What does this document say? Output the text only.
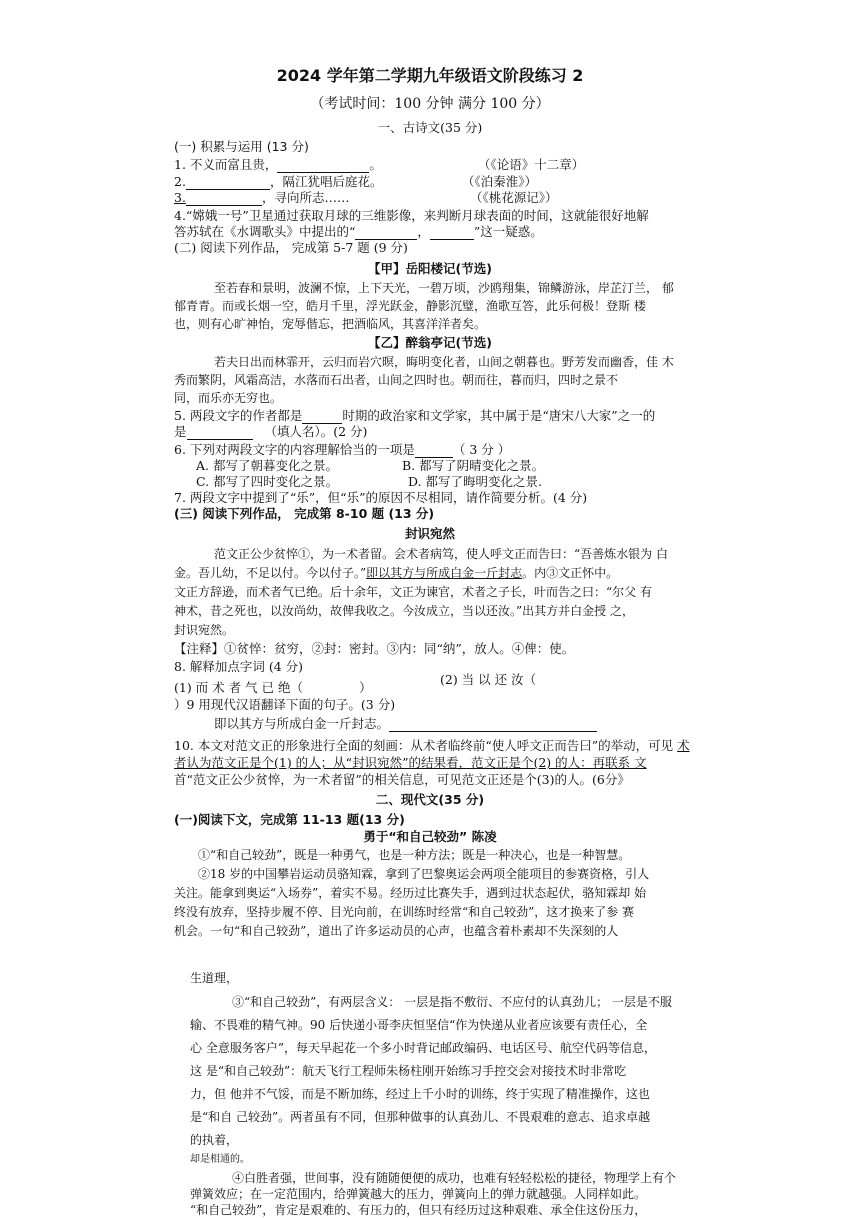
2024 学年第二学期九年级语文阶段练习 2
（考试时间：100 分钟 满分 100 分）
一、古诗文(35 分)
(一) 积累与运用 (13 分)
1. 不义而富且贵，	。	（《论语》十二章）
2.	，隔江犹唱后庭花。	（《泊秦淮》）
3.	，寻向所志……	（《桃花源记》）
4.“嫦娥一号”卫星通过获取月球的三维影像，来判断月球表面的时间，这就能很好地解
答苏轼在《水调歌头》中提出的“	，	”这一疑惑。
(二) 阅读下列作品， 完成第 5-7 题 (9 分)
【甲】岳阳楼记(节选)
至若春和景明，波澜不惊，上下天光，一碧万顷，沙鸥翔集，锦鳞游泳，岸芷汀兰， 郁
郁青青。而或长烟一空，皓月千里，浮光跃金，静影沉璧，渔歌互答，此乐何极！登斯 楼
也，则有心旷神怡，宠辱偕忘，把酒临风，其喜洋洋者矣。
【乙】醉翁亭记(节选)
若夫日出而林霏开，云归而岩穴暝，晦明变化者，山间之朝暮也。野芳发而幽香，佳 木
秀而繁阴，风霜高洁，水落而石出者，山间之四时也。朝而往，暮而归，四时之景不
同，而乐亦无穷也。
5. 两段文字的作者都是	时期的政治家和文学家，其中属于是“唐宋八大家”之一的
是	（填人名）。(2 分)
6. 下列对两段文字的内容理解恰当的一项是	（ 3 分 ）
A. 都写了朝暮变化之景。	B. 都写了阴晴变化之景。
C. 都写了四时变化之景。	D. 都写了晦明变化之景.
7. 两段文字中提到了“乐”，但“乐”的原因不尽相同，请作简要分析。(4 分)
(三) 阅读下列作品， 完成第 8-10 题 (13 分)
封识宛然
范文正公少贫悴①，为一术者留。会术者病笃，使人呼文正而告曰：“吾善炼水银为 白
金。吾儿幼，不足以付。今以付子。”即以其方与所成白金一斤封志。内③文正怀中。
文正方辞逊，而术者气已绝。后十余年，文正为谏官，术者之子长，叶而告之曰：“尔父 有
神术，昔之死也，以汝尚幼，故俾我收之。今汝成立，当以还汝。”出其方并白金授 之，
封识宛然。
【注释】①贫悴：贫穷，②封：密封。③内：同“纳”，放人。④俾：使。
8. 解释加点字词 (4 分)
(1) 而 术 者 气 已 绝（	）
(2) 当 以 还 汝（
）9 用现代汉语翻译下面的句子。(3 分)
即以其方与所成白金一斤封志。
10. 本文对范文正的形象进行全面的刻画：从术者临终前“使人呼文正而告曰”的举动，可见 术
者认为范文正是个(1) 的人；从“封识宛然”的结果看，范文正是个(2) 的人：再联系 文
首“范文正公少贫悴，为一术者留”的相关信息，可见范文正还是个(3)的人。(6分》
二、现代文(35 分)
(一)阅读下文，完成第 11-13 题(13 分)
勇于“和自己较劲” 陈凌
①“和自己较劲”，既是一种勇气，也是一种方法；既是一种决心，也是一种智慧。
②18 岁的中国攀岩运动员骆知霖，拿到了巴黎奥运会两项全能项目的参赛资格，引人
关注。能拿到奥运“入场券”，着实不易。经历过比赛失手，遇到过状态起伏，骆知霖却 始
终没有放弃，坚持步履不停、目光向前，在训练时经常“和自己较劲”，这才换来了参 赛
机会。一句“和自己较劲”，道出了许多运动员的心声，也蕴含着朴素却不失深刻的人
生道理，
③“和自己较劲”，有两层含义： 一层是指不敷衍、不应付的认真劲儿； 一层是不服
输、不畏难的精气神。90 后快递小哥李庆恒坚信“作为快递从业者应该要有责任心，全
心 全意服务客户”，每天早起花一个多小时背记邮政编码、电话区号、航空代码等信息，
这 是“和自己较劲”：航天飞行工程师朱杨柱刚开始练习手控交会对接技术时非常吃
力，但 他并不气馁，而是不断加练，经过上千小时的训练，终于实现了精准操作，这也
是“和自 己较劲”。两者虽有不同，但那种做事的认真劲儿、不畏艰难的意志、追求卓越
的执着，
却是相通的。
④白胜者强，世间事，没有随随便便的成功，也难有轻轻松松的捷径，物理学上有个
弹簧效应；在一定范围内，给弹簧越大的压力，弹簧向上的弹力就越强。人同样如此。
“和自己较劲”，肯定是艰难的、有压力的，但只有经历过这种艰难、承全住这份压力，
